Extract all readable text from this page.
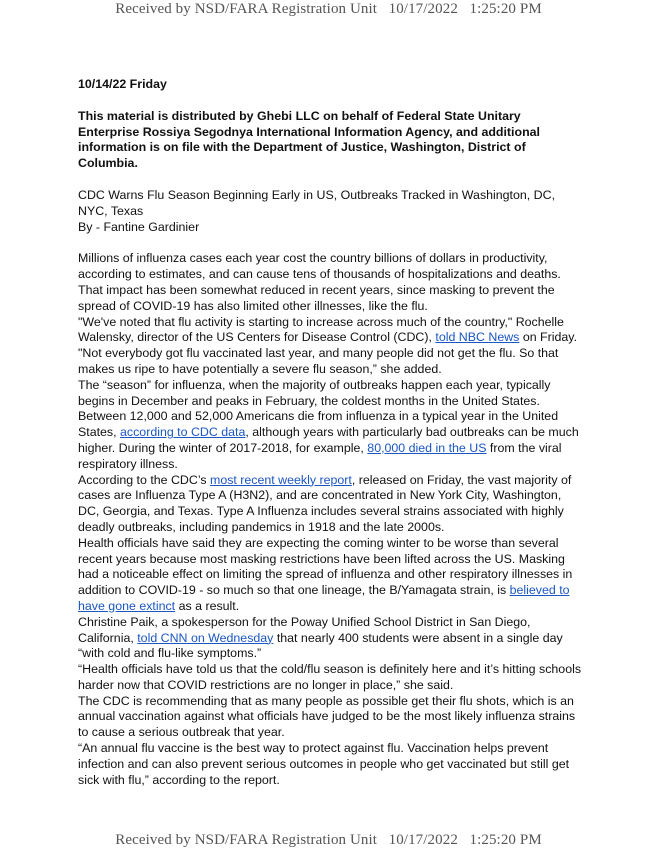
Received by NSD/FARA Registration Unit   10/17/2022   1:25:20 PM

10/14/22 Friday

This material is distributed by Ghebi LLC on behalf of Federal State Unitary Enterprise Rossiya Segodnya International Information Agency, and additional information is on file with the Department of Justice, Washington, District of Columbia.

CDC Warns Flu Season Beginning Early in US, Outbreaks Tracked in Washington, DC, NYC, Texas

By - Fantine Gardinier

Millions of influenza cases each year cost the country billions of dollars in productivity, according to estimates, and can cause tens of thousands of hospitalizations and deaths. That impact has been somewhat reduced in recent years, since masking to prevent the spread of COVID-19 has also limited other illnesses, like the flu.

"We've noted that flu activity is starting to increase across much of the country," Rochelle Walensky, director of the US Centers for Disease Control (CDC), told NBC News on Friday.

"Not everybody got flu vaccinated last year, and many people did not get the flu. So that makes us ripe to have potentially a severe flu season,” she added.

The “season” for influenza, when the majority of outbreaks happen each year, typically begins in December and peaks in February, the coldest months in the United States.

Between 12,000 and 52,000 Americans die from influenza in a typical year in the United States, according to CDC data, although years with particularly bad outbreaks can be much higher. During the winter of 2017-2018, for example, 80,000 died in the US from the viral respiratory illness.

According to the CDC’s most recent weekly report, released on Friday, the vast majority of cases are Influenza Type A (H3N2), and are concentrated in New York City, Washington, DC, Georgia, and Texas. Type A Influenza includes several strains associated with highly deadly outbreaks, including pandemics in 1918 and the late 2000s.

Health officials have said they are expecting the coming winter to be worse than several recent years because most masking restrictions have been lifted across the US. Masking had a noticeable effect on limiting the spread of influenza and other respiratory illnesses in addition to COVID-19 - so much so that one lineage, the B/Yamagata strain, is believed to have gone extinct as a result.

Christine Paik, a spokesperson for the Poway Unified School District in San Diego, California, told CNN on Wednesday that nearly 400 students were absent in a single day “with cold and flu-like symptoms.”

“Health officials have told us that the cold/flu season is definitely here and it’s hitting schools harder now that COVID restrictions are no longer in place,” she said.

The CDC is recommending that as many people as possible get their flu shots, which is an annual vaccination against what officials have judged to be the most likely influenza strains to cause a serious outbreak that year.

“An annual flu vaccine is the best way to protect against flu. Vaccination helps prevent infection and can also prevent serious outcomes in people who get vaccinated but still get sick with flu,” according to the report.

Received by NSD/FARA Registration Unit   10/17/2022   1:25:20 PM
